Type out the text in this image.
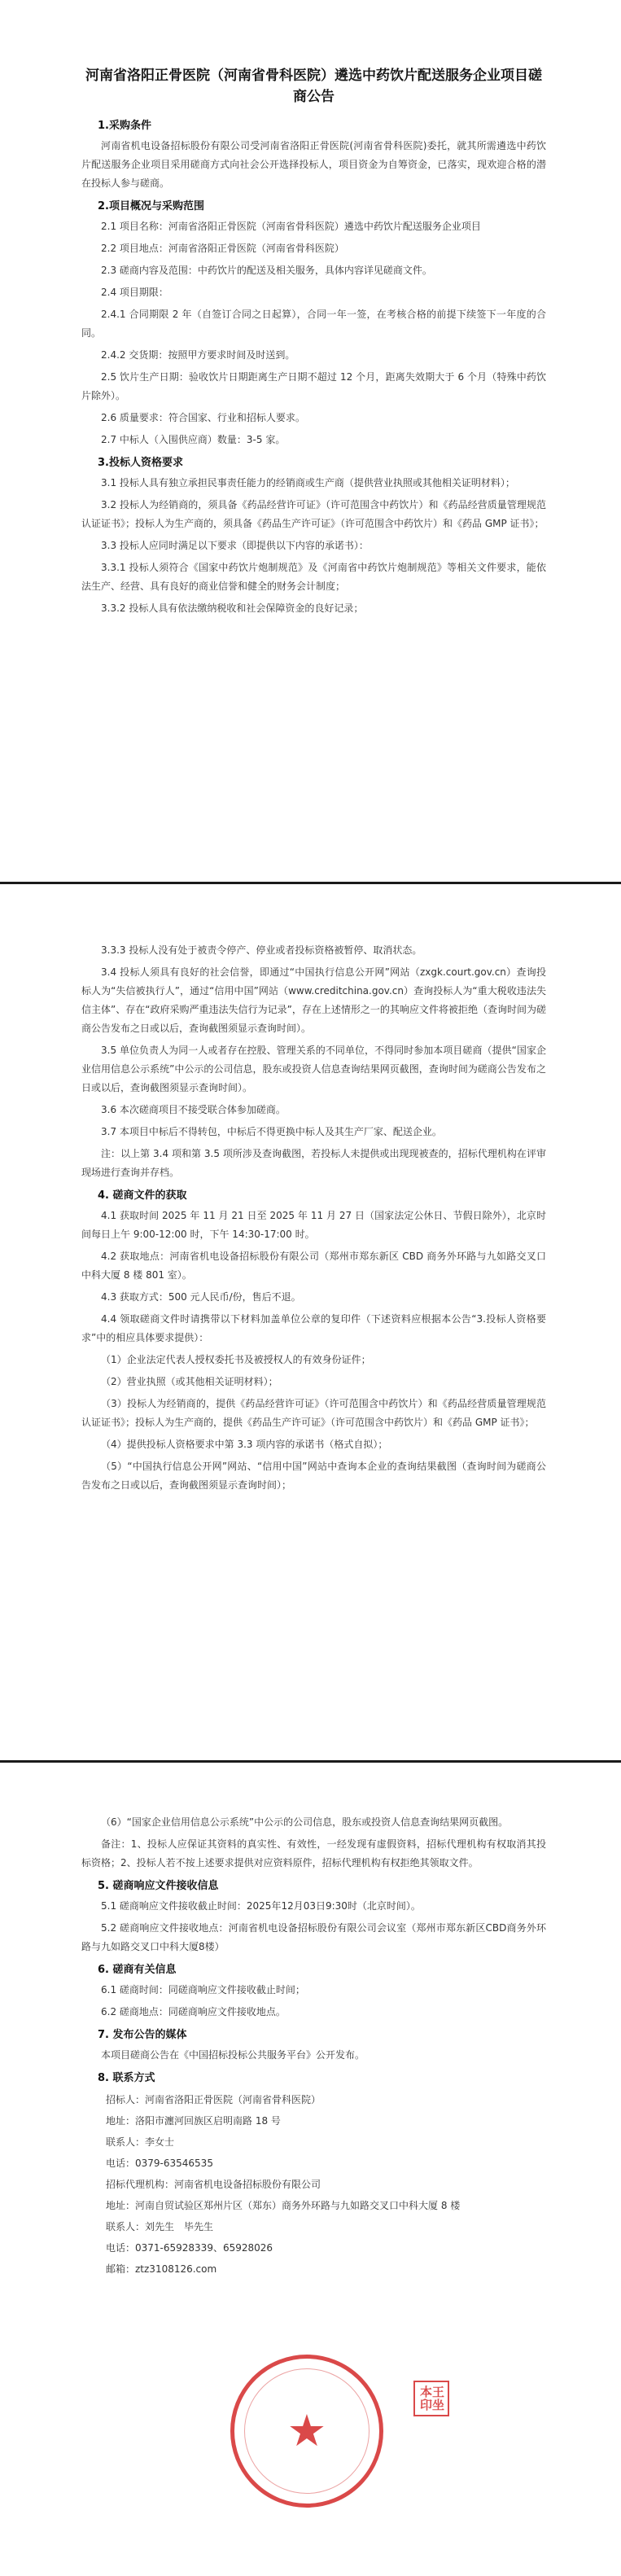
河南省洛阳正骨医院（河南省骨科医院）遴选中药饮片配送服务企业项目磋商公告
1.采购条件

河南省机电设备招标股份有限公司受河南省洛阳正骨医院(河南省骨科医院)委托，就其所需遴选中药饮片配送服务企业项目采用磋商方式向社会公开选择投标人，项目资金为自筹资金，已落实，现欢迎合格的潜在投标人参与磋商。

2.项目概况与采购范围

2.1 项目名称：河南省洛阳正骨医院（河南省骨科医院）遴选中药饮片配送服务企业项目

2.2 项目地点：河南省洛阳正骨医院（河南省骨科医院）

2.3 磋商内容及范围：中药饮片的配送及相关服务，具体内容详见磋商文件。

2.4 项目期限：

2.4.1 合同期限 2 年（自签订合同之日起算），合同一年一签，在考核合格的前提下续签下一年度的合同。

2.4.2 交货期：按照甲方要求时间及时送到。

2.5 饮片生产日期：验收饮片日期距离生产日期不超过 12 个月，距离失效期大于 6 个月（特殊中药饮片除外）。

2.6 质量要求：符合国家、行业和招标人要求。

2.7 中标人（入围供应商）数量：3-5 家。

3.投标人资格要求

3.1 投标人具有独立承担民事责任能力的经销商或生产商（提供营业执照或其他相关证明材料）；

3.2 投标人为经销商的，须具备《药品经营许可证》（许可范围含中药饮片）和《药品经营质量管理规范认证证书》；投标人为生产商的，须具备《药品生产许可证》（许可范围含中药饮片）和《药品 GMP 证书》；

3.3 投标人应同时满足以下要求（即提供以下内容的承诺书）：

3.3.1 投标人须符合《国家中药饮片炮制规范》及《河南省中药饮片炮制规范》等相关文件要求，能依法生产、经营、具有良好的商业信誉和健全的财务会计制度；

3.3.2 投标人具有依法缴纳税收和社会保障资金的良好记录；

3.3.3 投标人没有处于被责令停产、停业或者投标资格被暂停、取消状态。

3.4 投标人须具有良好的社会信誉，即通过“中国执行信息公开网”网站（zxgk.court.gov.cn）查询投标人为“失信被执行人”，通过“信用中国”网站（www.creditchina.gov.cn）查询投标人为“重大税收违法失信主体”、存在“政府采购严重违法失信行为记录”，存在上述情形之一的其响应文件将被拒绝（查询时间为磋商公告发布之日或以后，查询截图须显示查询时间）。

3.5 单位负责人为同一人或者存在控股、管理关系的不同单位，不得同时参加本项目磋商（提供“国家企业信用信息公示系统”中公示的公司信息，股东或投资人信息查询结果网页截图，查询时间为磋商公告发布之日或以后，查询截图须显示查询时间）。

3.6 本次磋商项目不接受联合体参加磋商。

3.7 本项目中标后不得转包，中标后不得更换中标人及其生产厂家、配送企业。

注：以上第 3.4 项和第 3.5 项所涉及查询截图，若投标人未提供或出现现被查的，招标代理机构在评审现场进行查询并存档。

4. 磋商文件的获取

4.1 获取时间 2025 年 11 月 21 日至 2025 年 11 月 27 日（国家法定公休日、节假日除外），北京时间每日上午 9:00-12:00 时，下午 14:30-17:00 时。

4.2 获取地点：河南省机电设备招标股份有限公司（郑州市郑东新区 CBD 商务外环路与九如路交叉口中科大厦 8 楼 801 室）。

4.3 获取方式：500 元人民币/份，售后不退。

4.4 领取磋商文件时请携带以下材料加盖单位公章的复印件（下述资料应根据本公告“3.投标人资格要求”中的相应具体要求提供）：

（1）企业法定代表人授权委托书及被授权人的有效身份证件；

（2）营业执照（或其他相关证明材料）；

（3）投标人为经销商的，提供《药品经营许可证》（许可范围含中药饮片）和《药品经营质量管理规范认证证书》；投标人为生产商的，提供《药品生产许可证》（许可范围含中药饮片）和《药品 GMP 证书》；

（4）提供投标人资格要求中第 3.3 项内容的承诺书（格式自拟）；

（5）“中国执行信息公开网”网站、“信用中国”网站中查询本企业的查询结果截图（查询时间为磋商公告发布之日或以后，查询截图须显示查询时间）；

（6）“国家企业信用信息公示系统”中公示的公司信息，股东或投资人信息查询结果网页截图。

备注：1、投标人应保证其资料的真实性、有效性，一经发现有虚假资料，招标代理机构有权取消其投标资格；2、投标人若不按上述要求提供对应资料原件，招标代理机构有权拒绝其领取文件。

5. 磋商响应文件接收信息

5.1 磋商响应文件接收截止时间：2025年12月03日9:30时（北京时间）。

5.2 磋商响应文件接收地点：河南省机电设备招标股份有限公司会议室（郑州市郑东新区CBD商务外环路与九如路交叉口中科大厦8楼）

6. 磋商有关信息

6.1 磋商时间：同磋商响应文件接收截止时间；

6.2 磋商地点：同磋商响应文件接收地点。

7. 发布公告的媒体

本项目磋商公告在《中国招标投标公共服务平台》公开发布。

8. 联系方式
招标人：河南省洛阳正骨医院（河南省骨科医院）
地址：洛阳市瀍河回族区启明南路 18 号
联系人：李女士
电话：0379-63546535
招标代理机构：河南省机电设备招标股份有限公司
地址：河南自贸试验区郑州片区（郑东）商务外环路与九如路交叉口中科大厦 8 楼
联系人：刘先生　毕先生
电话：0371-65928339、65928026
邮箱：ztz3108126.com
★
本 王
印 坐
